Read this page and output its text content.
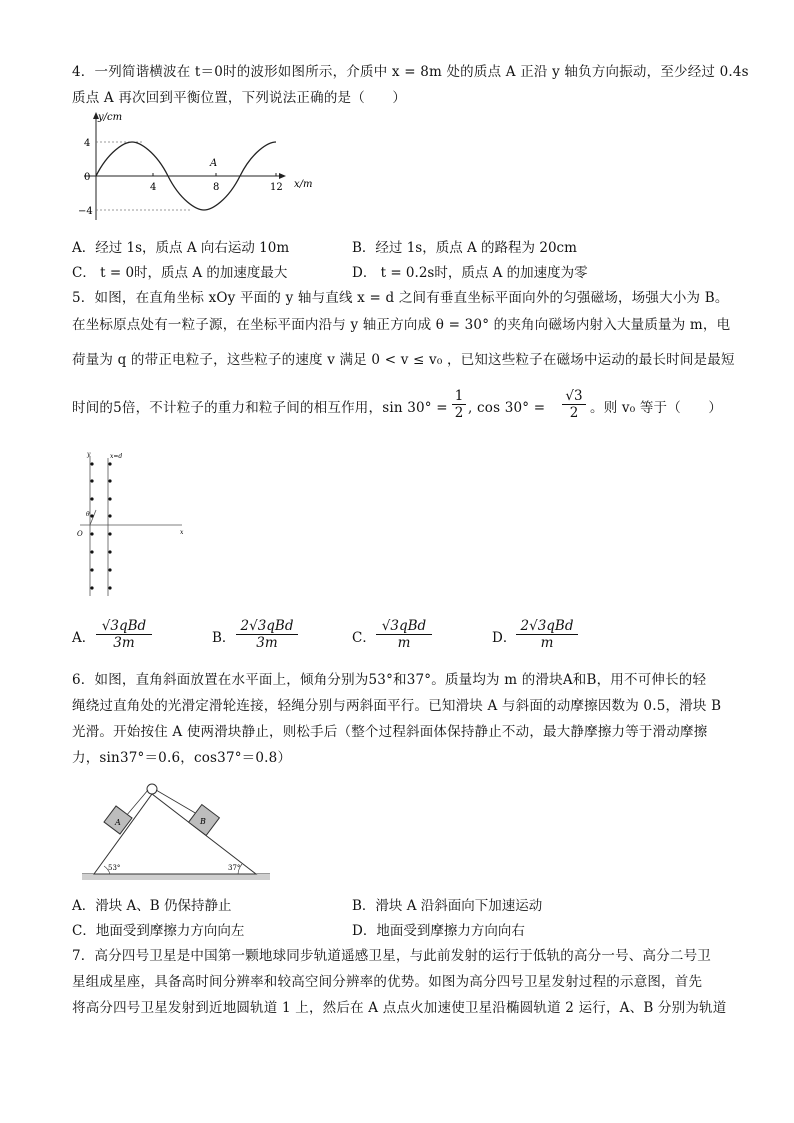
4．一列简谐横波在 t＝0时的波形如图所示，介质中 x = 8m 处的质点 A 正沿 y 轴负方向振动，至少经过 0.4s
质点 A 再次回到平衡位置，下列说法正确的是（　　）
y/cm
x/m
4
0
−4
4	8	12
A
A．经过 1s，质点 A 向右运动 10m	B．经过 1s，质点 A 的路程为 20cm
C． t = 0时，质点 A 的加速度最大	D． t = 0.2s时，质点 A 的加速度为零
5．如图，在直角坐标 xOy 平面的 y 轴与直线 x = d 之间有垂直坐标平面向外的匀强磁场，场强大小为 B。
在坐标原点处有一粒子源，在坐标平面内沿与 y 轴正方向成 θ = 30° 的夹角向磁场内射入大量质量为 m，电
荷量为 q 的带正电粒子，这些粒子的速度 v 满足 0 < v ≤ v₀ ，已知这些粒子在磁场中运动的最长时间是最短
时间的5倍，不计粒子的重力和粒子间的相互作用，$\sin 30^\circ = \frac{1}{2}$ , $\cos 30^\circ = \frac{√3}{2}$ 。则 v₀ 等于（　　）
y	x=d
x
O
θ
A．
√3qBd
3m	B．
2√3qBd
3m	C．
√3qBd
m	D．
2√3qBd
m
6．如图，直角斜面放置在水平面上，倾角分别为53°和37°。质量均为 m 的滑块A和B，用不可伸长的轻
绳绕过直角处的光滑定滑轮连接，轻绳分别与两斜面平行。已知滑块 A 与斜面的动摩擦因数为 0.5，滑块 B
光滑。开始按住 A 使两滑块静止，则松手后（整个过程斜面体保持静止不动，最大静摩擦力等于滑动摩擦
力，sin37°＝0.6，cos37°＝0.8）
A	B
53°	37°
A．滑块 A、B 仍保持静止	B．滑块 A 沿斜面向下加速运动
C．地面受到摩擦力方向向左	D．地面受到摩擦力方向向右
7．高分四号卫星是中国第一颗地球同步轨道遥感卫星，与此前发射的运行于低轨的高分一号、高分二号卫
星组成星座，具备高时间分辨率和较高空间分辨率的优势。如图为高分四号卫星发射过程的示意图，首先
将高分四号卫星发射到近地圆轨道 1 上，然后在 A 点点火加速使卫星沿椭圆轨道 2 运行，A、B 分别为轨道
